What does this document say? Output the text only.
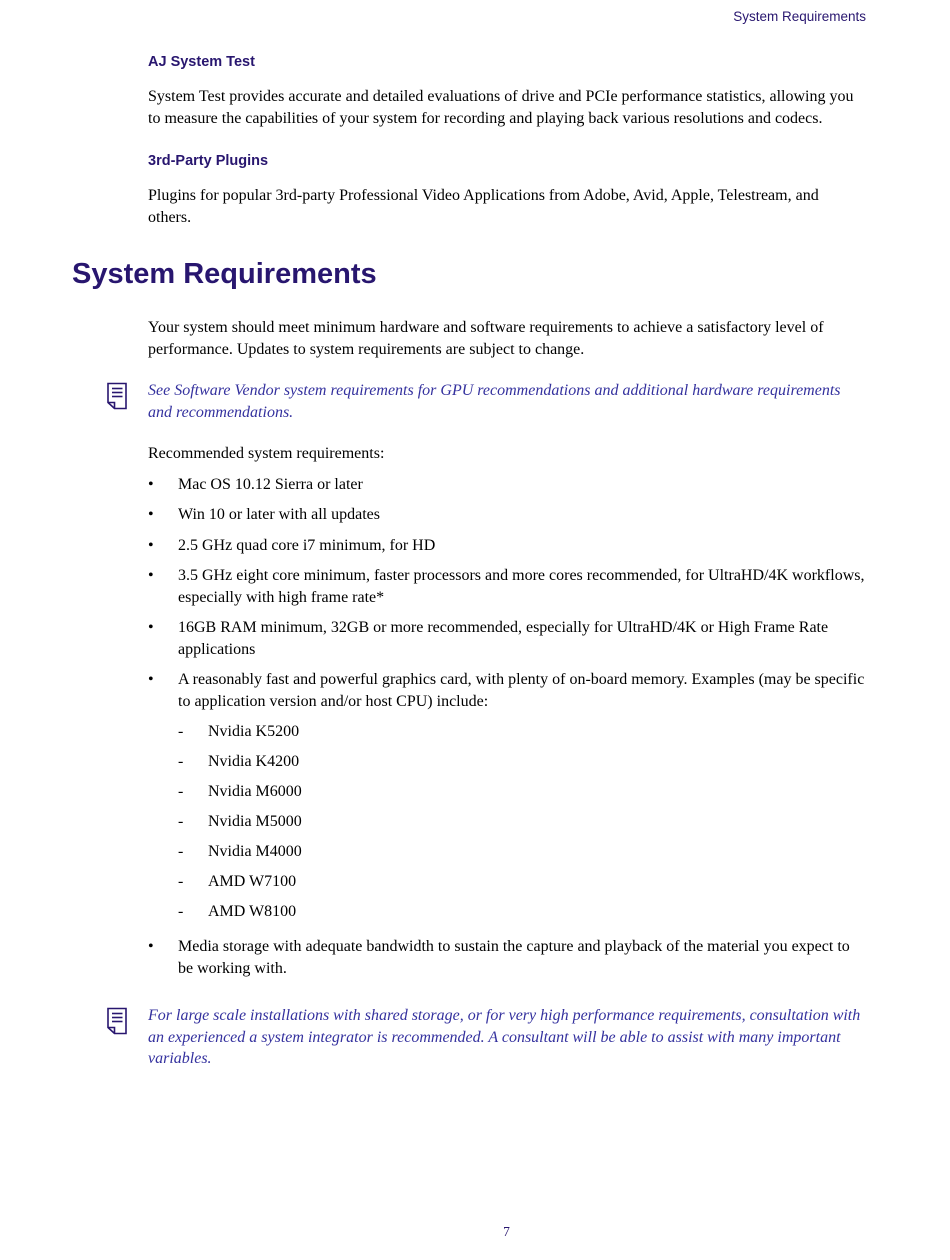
System Requirements
AJ System Test

System Test provides accurate and detailed evaluations of drive and PCIe performance statistics, allowing you to measure the capabilities of your system for recording and playing back various resolutions and codecs.

3rd-Party Plugins

Plugins for popular 3rd-party Professional Video Applications from Adobe, Avid, Apple, Telestream, and others.

System Requirements

Your system should meet minimum hardware and software requirements to achieve a satisfactory level of performance. Updates to system requirements are subject to change.

See Software Vendor system requirements for GPU recommendations and additional hardware requirements and recommendations.

Recommended system requirements:

•	Mac OS 10.12 Sierra or later
•	Win 10 or later with all updates
•	2.5 GHz quad core i7 minimum, for HD
•	3.5 GHz eight core minimum, faster processors and more cores recommended, for UltraHD/4K workflows, especially with high frame rate*
•	16GB RAM minimum, 32GB or more recommended, especially for UltraHD/4K or High Frame Rate applications
•	A reasonably fast and powerful graphics card, with plenty of on-board memory. Examples (may be specific to application version and/or host CPU) include:
-	Nvidia K5200
-	Nvidia K4200
-	Nvidia M6000
-	Nvidia M5000
-	Nvidia M4000
-	AMD W7100
-	AMD W8100
•	Media storage with adequate bandwidth to sustain the capture and playback of the material you expect to be working with.
For large scale installations with shared storage, or for very high performance requirements, consultation with an experienced a system integrator is recommended. A consultant will be able to assist with many important variables.
7
